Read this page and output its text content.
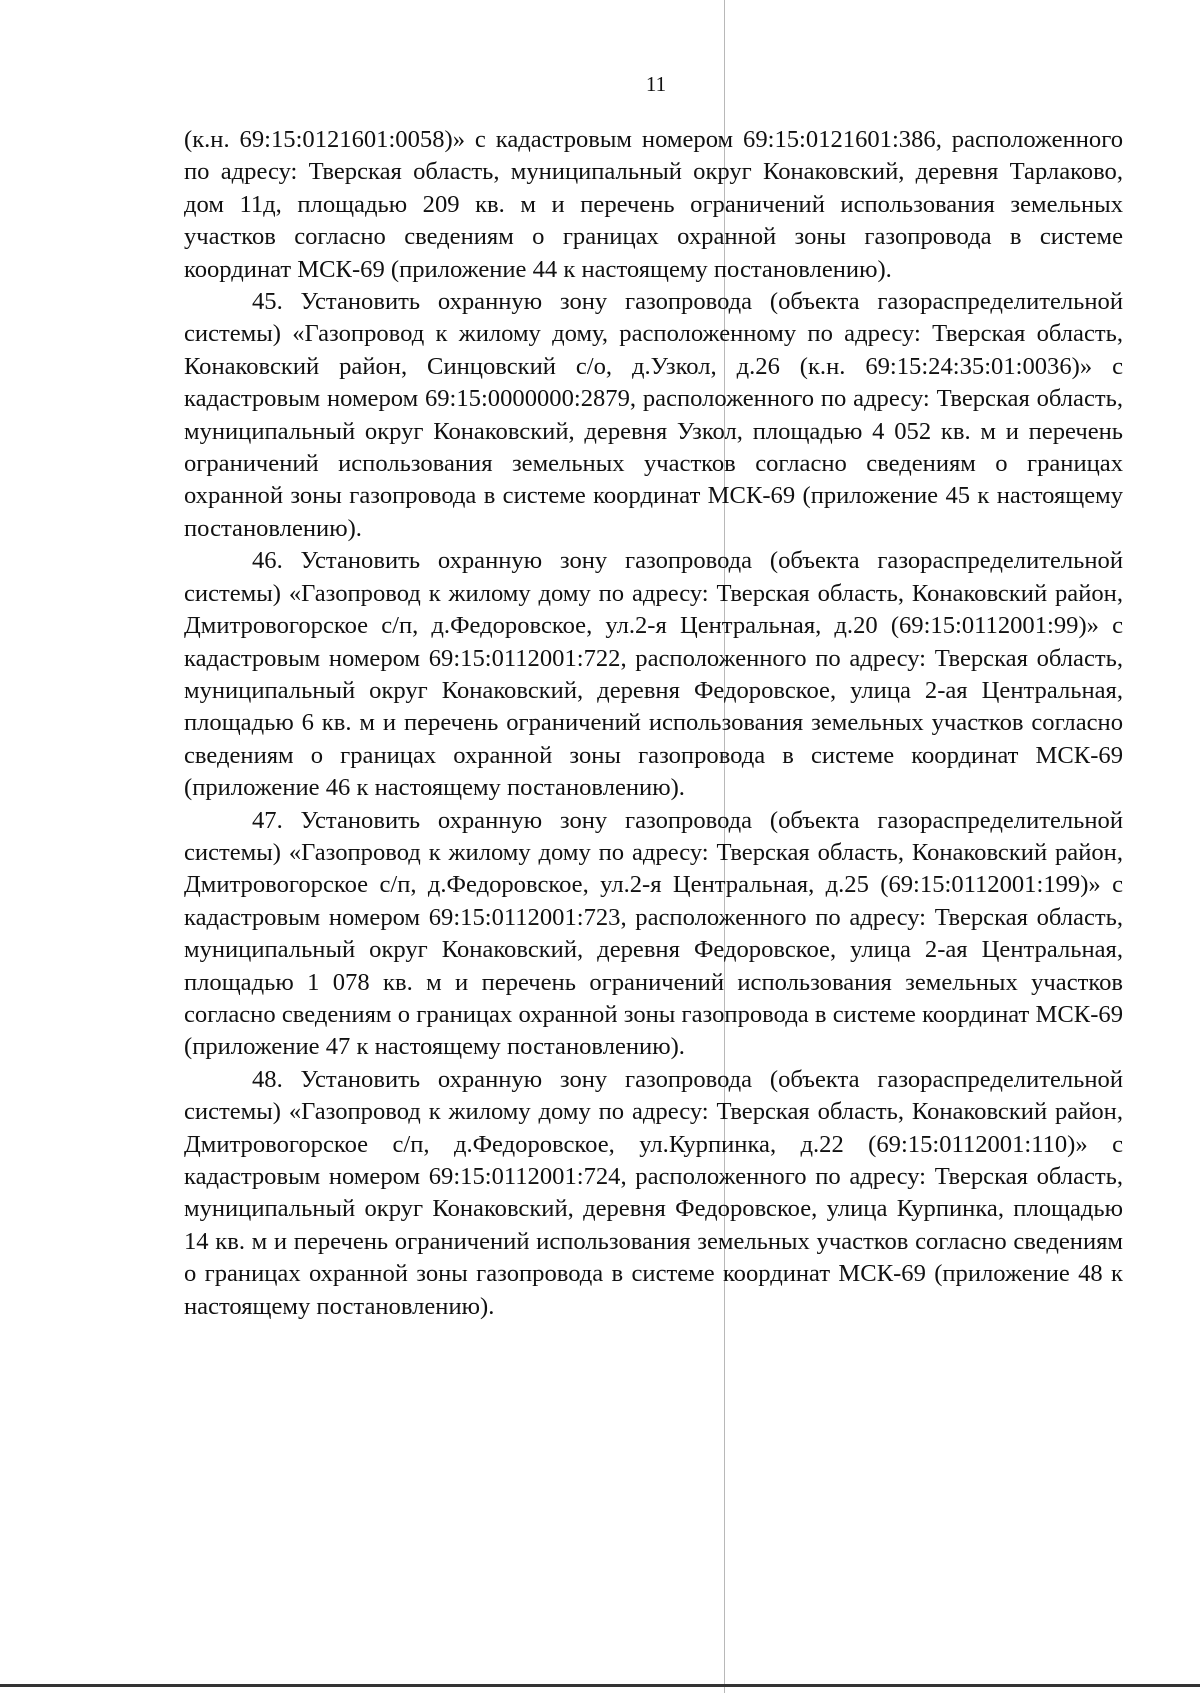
11

(к.н. 69:15:0121601:0058)» с кадастровым номером 69:15:0121601:386, расположенного по адресу: Тверская область, муниципальный округ Конаковский, деревня Тарлаково, дом 11д, площадью 209 кв. м и перечень ограничений использования земельных участков согласно сведениям о границах охранной зоны газопровода в системе координат МСК-69 (приложение 44 к настоящему постановлению).

45. Установить охранную зону газопровода (объекта газораспределительной системы) «Газопровод к жилому дому, расположенному по адресу: Тверская область, Конаковский район, Синцовский с/о, д.Узкол, д.26 (к.н. 69:15:24:35:01:0036)» с кадастровым номером 69:15:0000000:2879, расположенного по адресу: Тверская область, муниципальный округ Конаковский, деревня Узкол, площадью 4 052 кв. м и перечень ограничений использования земельных участков согласно сведениям о границах охранной зоны газопровода в системе координат МСК-69 (приложение 45 к настоящему постановлению).

46. Установить охранную зону газопровода (объекта газораспределительной системы) «Газопровод к жилому дому по адресу: Тверская область, Конаковский район, Дмитровогорское с/п, д.Федоровское, ул.2-я Центральная, д.20 (69:15:0112001:99)» с кадастровым номером 69:15:0112001:722, расположенного по адресу: Тверская область, муниципальный округ Конаковский, деревня Федоровское, улица 2-ая Центральная, площадью 6 кв. м и перечень ограничений использования земельных участков согласно сведениям о границах охранной зоны газопровода в системе координат МСК-69 (приложение 46 к настоящему постановлению).

47. Установить охранную зону газопровода (объекта газораспределительной системы) «Газопровод к жилому дому по адресу: Тверская область, Конаковский район, Дмитровогорское с/п, д.Федоровское, ул.2-я Центральная, д.25 (69:15:0112001:199)» с кадастровым номером 69:15:0112001:723, расположенного по адресу: Тверская область, муниципальный округ Конаковский, деревня Федоровское, улица 2-ая Центральная, площадью 1 078 кв. м и перечень ограничений использования земельных участков согласно сведениям о границах охранной зоны газопровода в системе координат МСК-69 (приложение 47 к настоящему постановлению).

48. Установить охранную зону газопровода (объекта газораспределительной системы) «Газопровод к жилому дому по адресу: Тверская область, Конаковский район, Дмитровогорское с/п, д.Федоровское, ул.Курпинка, д.22 (69:15:0112001:110)» с кадастровым номером 69:15:0112001:724, расположенного по адресу: Тверская область, муниципальный округ Конаковский, деревня Федоровское, улица Курпинка, площадью 14 кв. м и перечень ограничений использования земельных участков согласно сведениям о границах охранной зоны газопровода в системе координат МСК-69 (приложение 48 к настоящему постановлению).
